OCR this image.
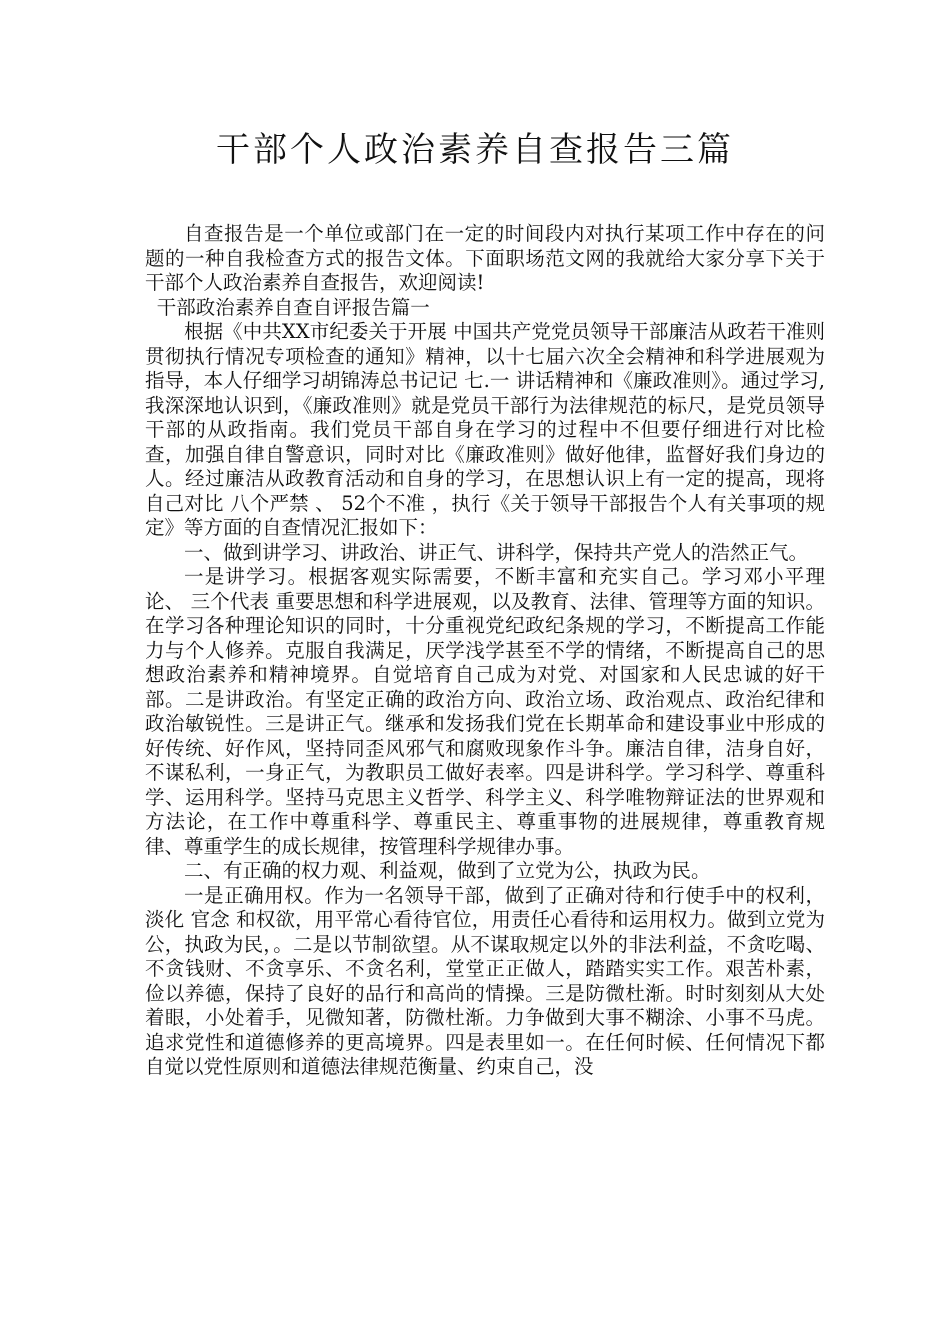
干部个人政治素养自查报告三篇

自查报告是一个单位或部门在一定的时间段内对执行某项工作中存在的问题的一种自我检查方式的报告文体。下面职场范文网的我就给大家分享下关于干部个人政治素养自查报告，欢迎阅读!

干部政治素养自查自评报告篇一

根据《中共XX市纪委关于开展 中国共产党党员领导干部廉洁从政若干准则 贯彻执行情况专项检查的通知》精神，以十七届六次全会精神和科学进展观为指导，本人仔细学习胡锦涛总书记记 七.一 讲话精神和《廉政准则》。通过学习,我深深地认识到，《廉政准则》就是党员干部行为法律规范的标尺，是党员领导干部的从政指南。我们党员干部自身在学习的过程中不但要仔细进行对比检查，加强自律自警意识，同时对比《廉政准则》做好他律，监督好我们身边的人。经过廉洁从政教育活动和自身的学习，在思想认识上有一定的提高，现将自己对比 八个严禁 、 52个不准 ，执行《关于领导干部报告个人有关事项的规定》等方面的自查情况汇报如下：

一、做到讲学习、讲政治、讲正气、讲科学，保持共产党人的浩然正气。

一是讲学习。根据客观实际需要，不断丰富和充实自己。学习邓小平理论、 三个代表 重要思想和科学进展观，以及教育、法律、管理等方面的知识。在学习各种理论知识的同时，十分重视党纪政纪条规的学习，不断提高工作能力与个人修养。克服自我满足，厌学浅学甚至不学的情绪，不断提高自己的思想政治素养和精神境界。自觉培育自己成为对党、对国家和人民忠诚的好干部。二是讲政治。有坚定正确的政治方向、政治立场、政治观点、政治纪律和政治敏锐性。三是讲正气。继承和发扬我们党在长期革命和建设事业中形成的好传统、好作风，坚持同歪风邪气和腐败现象作斗争。廉洁自律，洁身自好，不谋私利，一身正气，为教职员工做好表率。四是讲科学。学习科学、尊重科学、运用科学。坚持马克思主义哲学、科学主义、科学唯物辩证法的世界观和方法论，在工作中尊重科学、尊重民主、尊重事物的进展规律，尊重教育规律、尊重学生的成长规律，按管理科学规律办事。

二、有正确的权力观、利益观，做到了立党为公，执政为民。

一是正确用权。作为一名领导干部，做到了正确对待和行使手中的权利，淡化 官念 和权欲，用平常心看待官位，用责任心看待和运用权力。做到立党为公，执政为民，。二是以节制欲望。从不谋取规定以外的非法利益，不贪吃喝、不贪钱财、不贪享乐、不贪名利，堂堂正正做人，踏踏实实工作。艰苦朴素，俭以养德，保持了良好的品行和高尚的情操。三是防微杜渐。时时刻刻从大处着眼，小处着手，见微知著，防微杜渐。力争做到大事不糊涂、小事不马虎。追求党性和道德修养的更高境界。四是表里如一。在任何时候、任何情况下都自觉以党性原则和道德法律规范衡量、约束自己，没
